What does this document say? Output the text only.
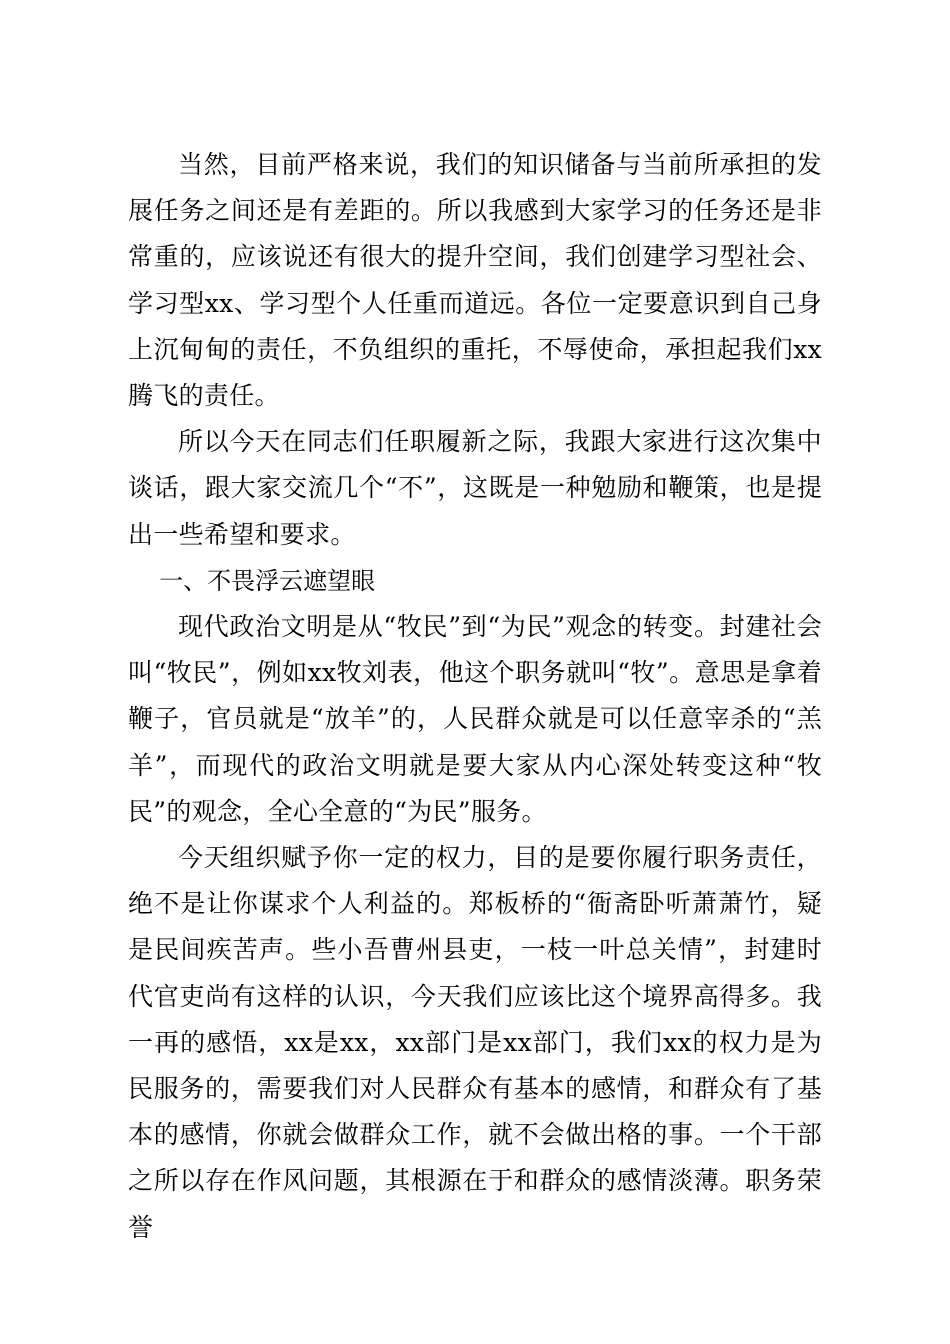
当然，目前严格来说，我们的知识储备与当前所承担的发展任务之间还是有差距的。所以我感到大家学习的任务还是非常重的，应该说还有很大的提升空间，我们创建学习型社会、学习型xx、学习型个人任重而道远。各位一定要意识到自己身上沉甸甸的责任，不负组织的重托，不辱使命，承担起我们xx腾飞的责任。

所以今天在同志们任职履新之际，我跟大家进行这次集中谈话，跟大家交流几个“不”，这既是一种勉励和鞭策，也是提出一些希望和要求。

一、不畏浮云遮望眼

现代政治文明是从“牧民”到“为民”观念的转变。封建社会叫“牧民”，例如xx牧刘表，他这个职务就叫“牧”。意思是拿着鞭子，官员就是“放羊”的，人民群众就是可以任意宰杀的“羔羊”，而现代的政治文明就是要大家从内心深处转变这种“牧民”的观念，全心全意的“为民”服务。

今天组织赋予你一定的权力，目的是要你履行职务责任，绝不是让你谋求个人利益的。郑板桥的“衙斋卧听萧萧竹，疑是民间疾苦声。些小吾曹州县吏，一枝一叶总关情”，封建时代官吏尚有这样的认识，今天我们应该比这个境界高得多。我一再的感悟，xx是xx，xx部门是xx部门，我们xx的权力是为民服务的，需要我们对人民群众有基本的感情，和群众有了基本的感情，你就会做群众工作，就不会做出格的事。一个干部之所以存在作风问题，其根源在于和群众的感情淡薄。职务荣誉
